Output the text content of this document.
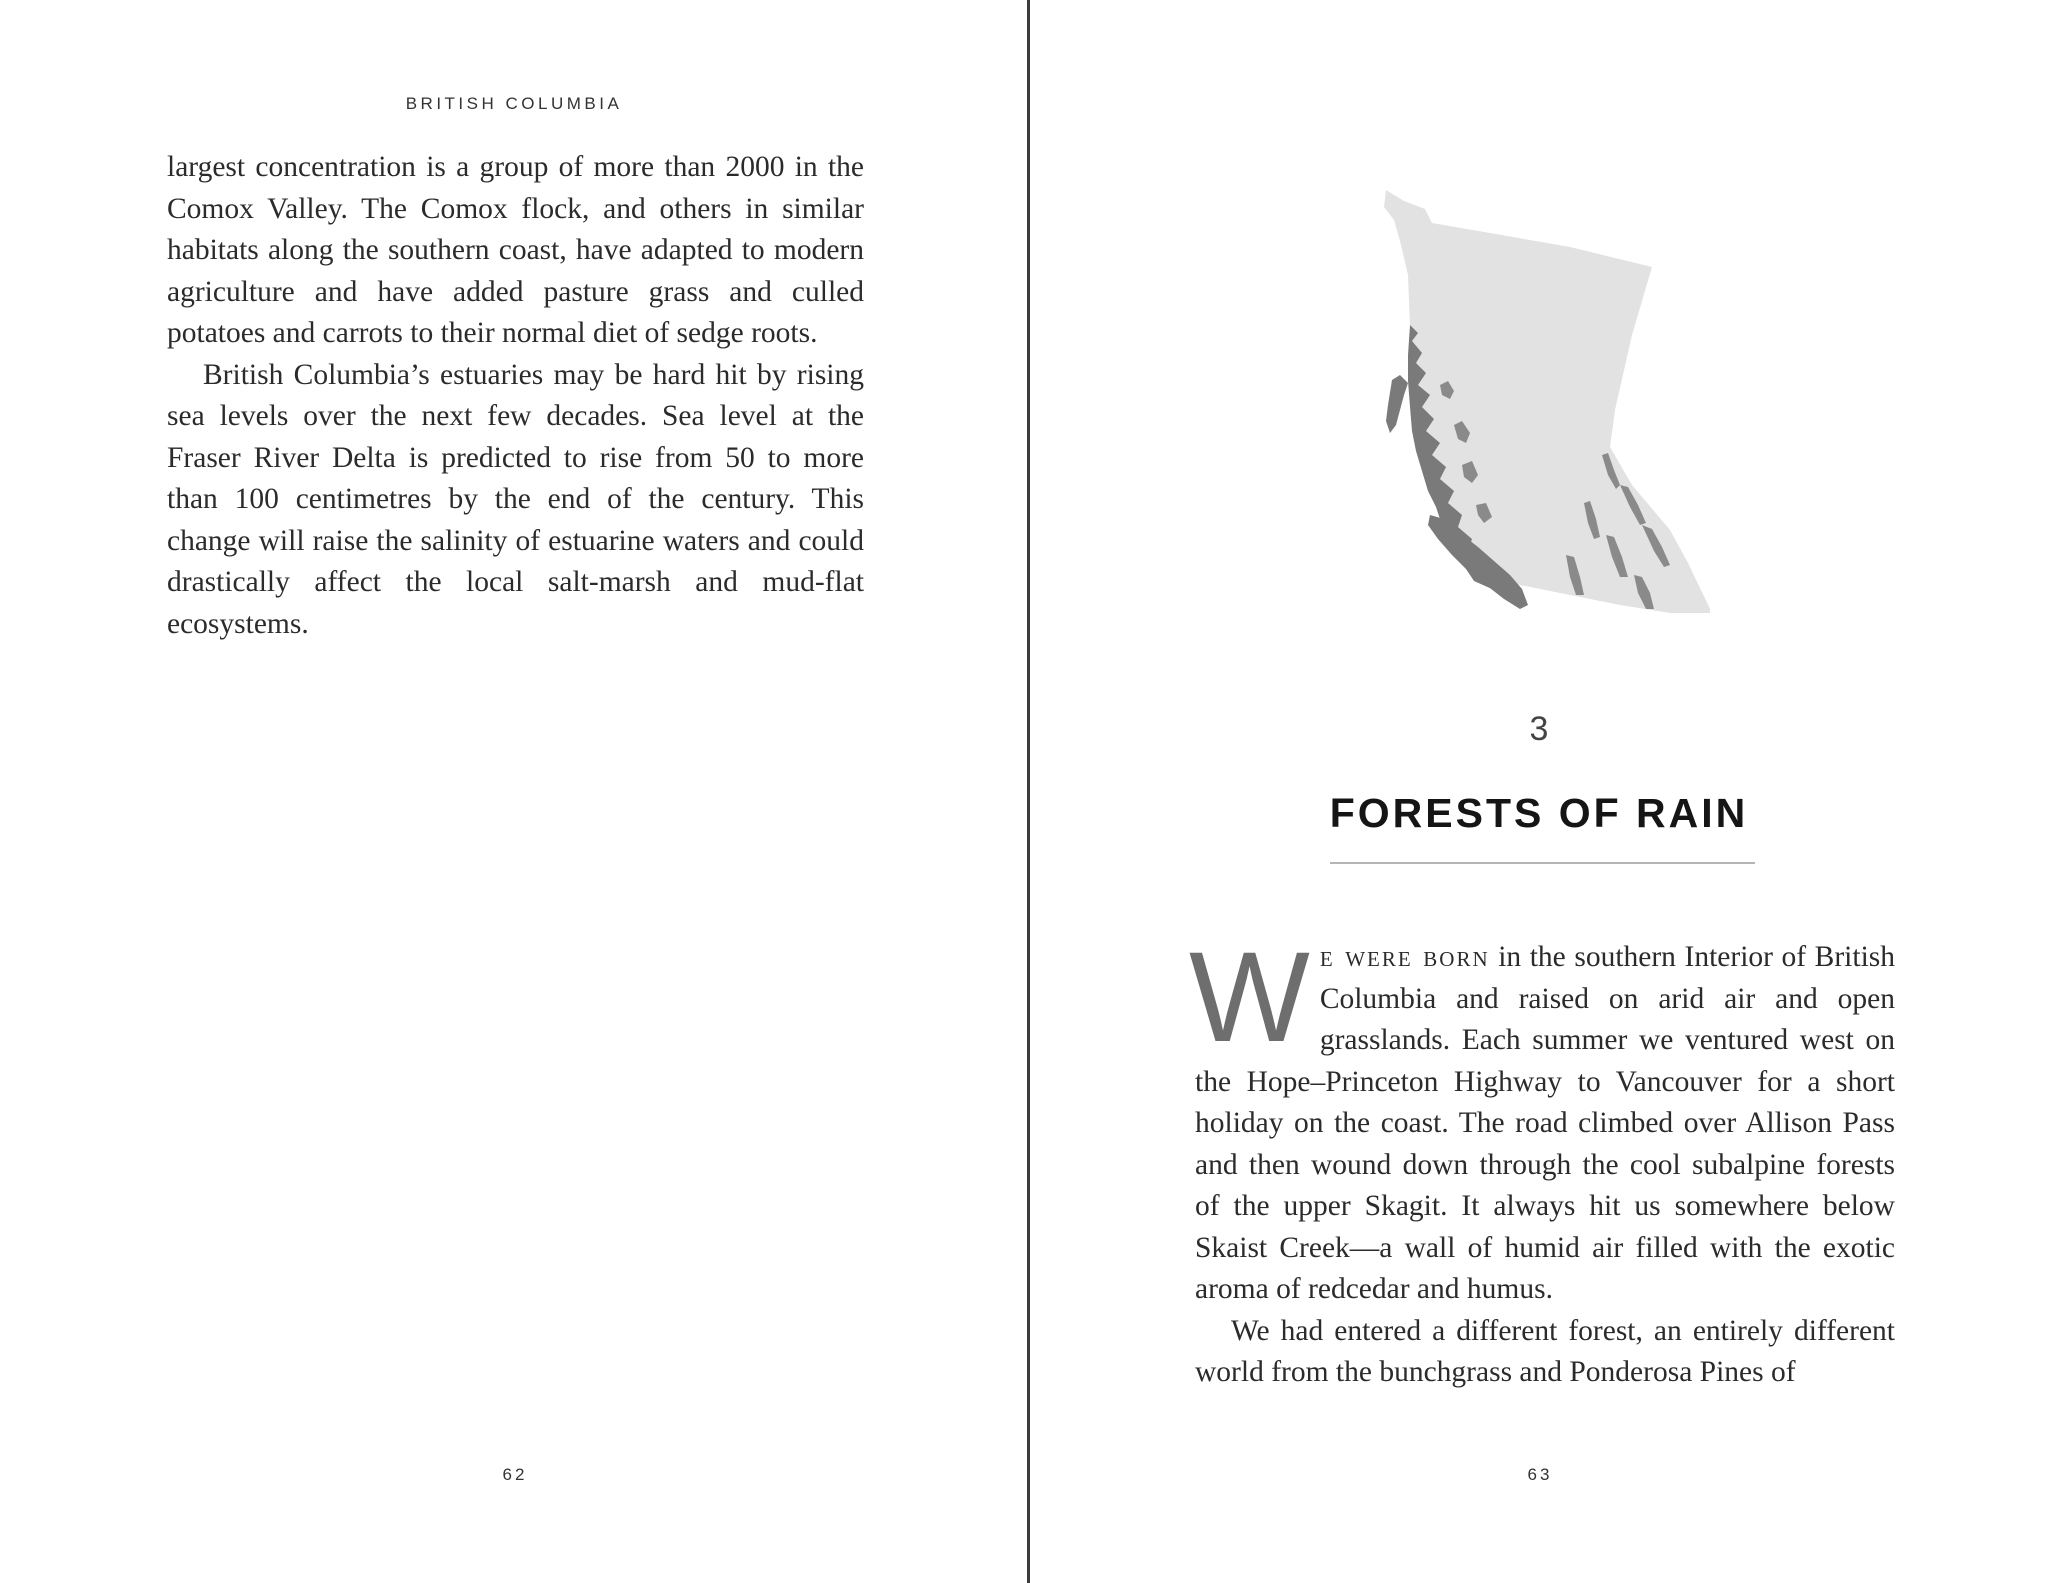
BRITISH COLUMBIA

largest concentration is a group of more than 2000 in the Comox Valley. The Comox flock, and others in similar habitats along the southern coast, have adapted to modern agriculture and have added pasture grass and culled potatoes and carrots to their normal diet of sedge roots.

British Columbia’s estuaries may be hard hit by rising sea levels over the next few decades. Sea level at the Fraser River Delta is predicted to rise from 50 to more than 100 centimetres by the end of the century. This change will raise the salinity of estuarine waters and could drastically affect the local salt-marsh and mud-flat ecosystems.

62
3
FORESTS OF RAIN

We were born in the southern Interior of British Columbia and raised on arid air and open grasslands. Each summer we ventured west on the Hope–Princeton Highway to Vancouver for a short holiday on the coast. The road climbed over Allison Pass and then wound down through the cool subalpine forests of the upper Skagit. It always hit us somewhere below Skaist Creek—a wall of humid air filled with the exotic aroma of redcedar and humus.

We had entered a different forest, an entirely different world from the bunchgrass and Ponderosa Pines of

63
